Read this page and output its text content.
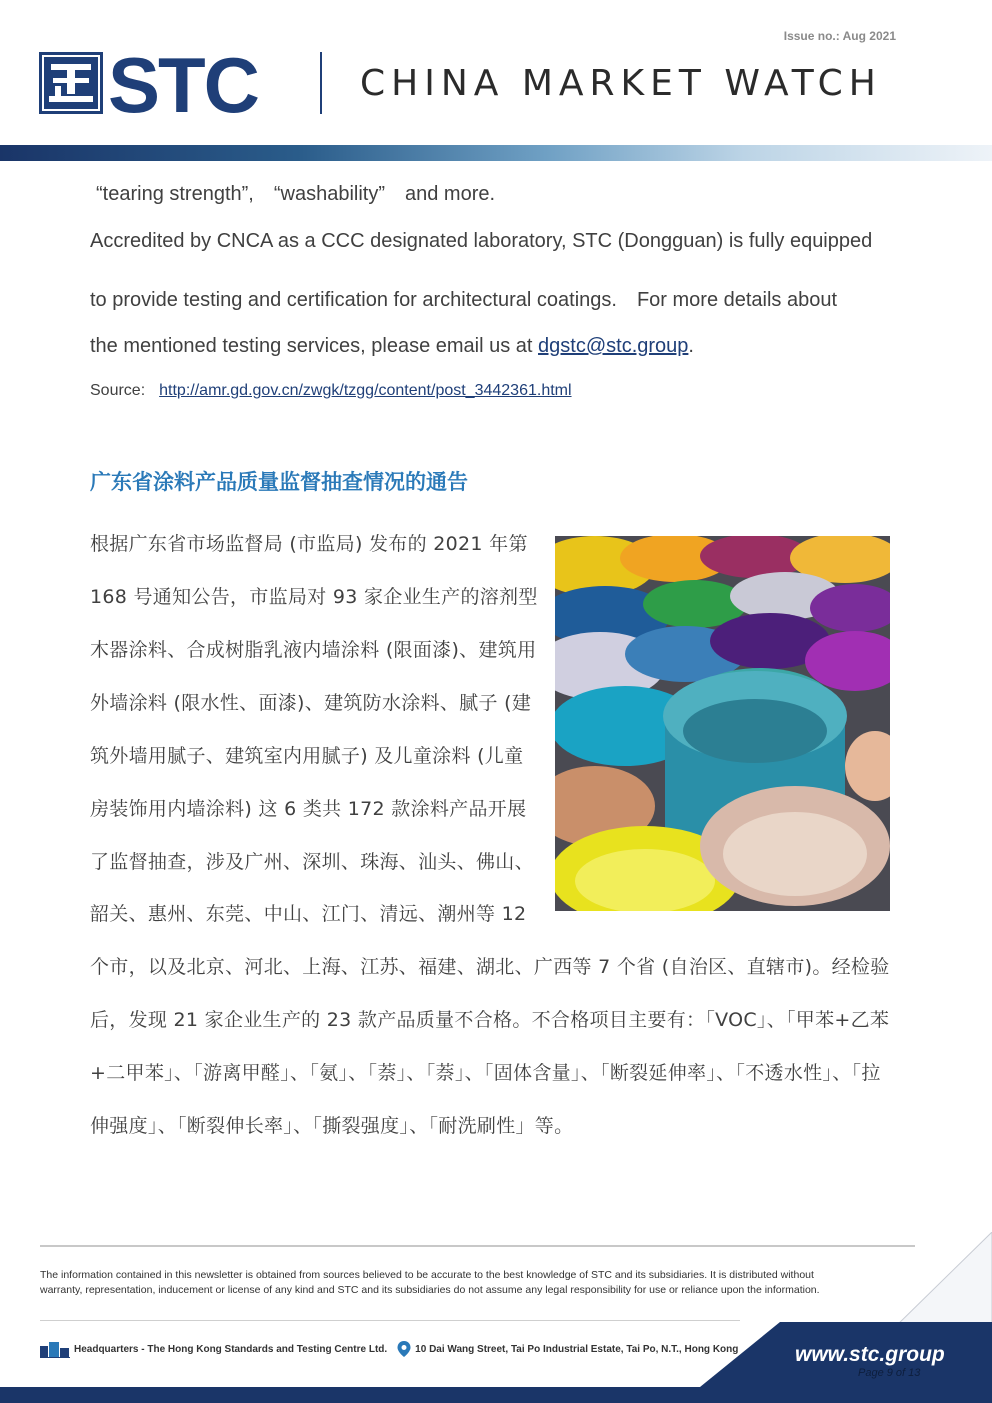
Issue no.: Aug 2021
STC	CHINA MARKET WATCH
“tearing strength”,　“washability”　and more.
Accredited by CNCA as a CCC designated laboratory, STC (Dongguan) is fully equipped
to provide testing and certification for architectural coatings.　For more details about
the mentioned testing services, please email us at dgstc@stc.group.
Source: http://amr.gd.gov.cn/zwgk/tzgg/content/post_3442361.html
广东省涂料产品质量监督抽查情况的通告
根据广东省市场监督局 (市监局) 发布的 2021 年第
168 号通知公告，市监局对 93 家企业生产的溶剂型
木器涂料、合成树脂乳液内墙涂料 (限面漆)、建筑用
外墙涂料 (限水性、面漆)、建筑防水涂料、腻子 (建
筑外墙用腻子、建筑室内用腻子) 及儿童涂料 (儿童
房装饰用内墙涂料) 这 6 类共 172 款涂料产品开展
了监督抽查，涉及广州、深圳、珠海、汕头、佛山、
韶关、惠州、东莞、中山、江门、清远、潮州等 12
个市，以及北京、河北、上海、江苏、福建、湖北、广西等 7 个省 (自治区、直辖市)。经检验
后，发现 21 家企业生产的 23 款产品质量不合格。不合格项目主要有：「VOC」、「甲苯+乙苯
+二甲苯」、「游离甲醛」、「氨」、「萘」、「萘」、「固体含量」、「断裂延伸率」、「不透水性」、「拉
伸强度」、「断裂伸长率」、「撕裂强度」、「耐洗刷性」等。
The information contained in this newsletter is obtained from sources believed to be accurate to the best knowledge of STC and its subsidiaries. It is distributed without
warranty, representation, inducement or license of any kind and STC and its subsidiaries do not assume any legal responsibility for use or reliance upon the information.
Headquarters - The Hong Kong Standards and Testing Centre Ltd.	10 Dai Wang Street, Tai Po Industrial Estate, Tai Po, N.T., Hong Kong	www.stc.group
Page 9 of 13
